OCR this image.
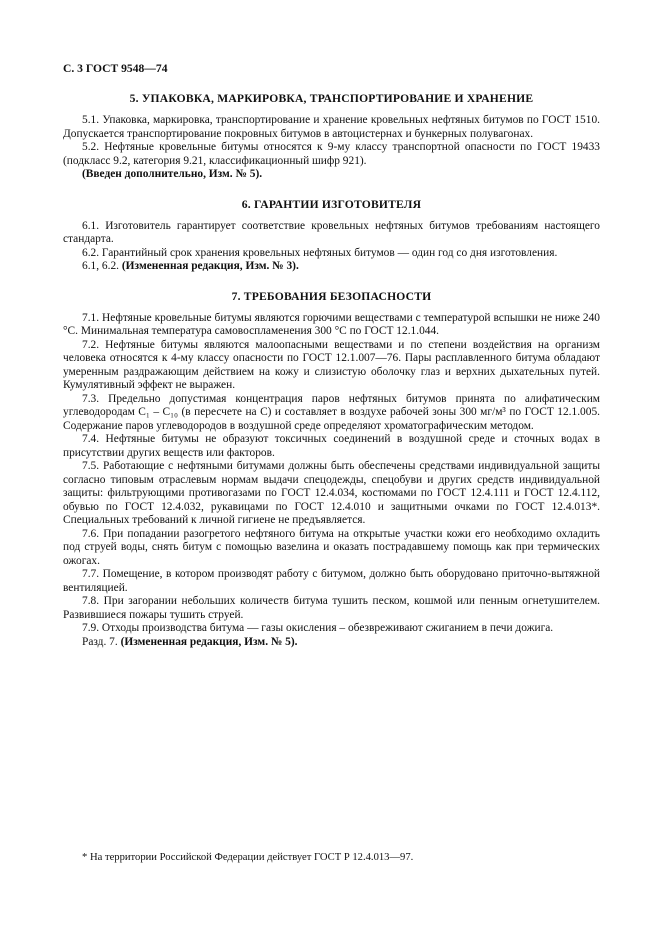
С. 3 ГОСТ 9548—74
5. УПАКОВКА, МАРКИРОВКА, ТРАНСПОРТИРОВАНИЕ И ХРАНЕНИЕ

5.1. Упаковка, маркировка, транспортирование и хранение кровельных нефтяных битумов по ГОСТ 1510. Допускается транспортирование покровных битумов в автоцистернах и бункерных полувагонах.

5.2. Нефтяные кровельные битумы относятся к 9-му классу транспортной опасности по ГОСТ 19433 (подкласс 9.2, категория 9.21, классификационный шифр 921).

(Введен дополнительно, Изм. № 5).

6. ГАРАНТИИ ИЗГОТОВИТЕЛЯ

6.1. Изготовитель гарантирует соответствие кровельных нефтяных битумов требованиям настоящего стандарта.

6.2. Гарантийный срок хранения кровельных нефтяных битумов — один год со дня изготовления.

6.1, 6.2. (Измененная редакция, Изм. № 3).

7. ТРЕБОВАНИЯ БЕЗОПАСНОСТИ

7.1. Нефтяные кровельные битумы являются горючими веществами с температурой вспышки не ниже 240 °С. Минимальная температура самовоспламенения 300 °С по ГОСТ 12.1.044.

7.2. Нефтяные битумы являются малоопасными веществами и по степени воздействия на организм человека относятся к 4-му классу опасности по ГОСТ 12.1.007—76. Пары расплавленного битума обладают умеренным раздражающим действием на кожу и слизистую оболочку глаз и верхних дыхательных путей. Кумулятивный эффект не выражен.

7.3. Предельно допустимая концентрация паров нефтяных битумов принята по алифатическим углеводородам С₁ – С₁₀ (в пересчете на С) и составляет в воздухе рабочей зоны 300 мг/м³ по ГОСТ 12.1.005. Содержание паров углеводородов в воздушной среде определяют хроматографическим методом.

7.4. Нефтяные битумы не образуют токсичных соединений в воздушной среде и сточных водах в присутствии других веществ или факторов.

7.5. Работающие с нефтяными битумами должны быть обеспечены средствами индивидуальной защиты согласно типовым отраслевым нормам выдачи спецодежды, спецобуви и других средств индивидуальной защиты: фильтрующими противогазами по ГОСТ 12.4.034, костюмами по ГОСТ 12.4.111 и ГОСТ 12.4.112, обувью по ГОСТ 12.4.032, рукавицами по ГОСТ 12.4.010 и защитными очками по ГОСТ 12.4.013*. Специальных требований к личной гигиене не предъявляется.

7.6. При попадании разогретого нефтяного битума на открытые участки кожи его необходимо охладить под струей воды, снять битум с помощью вазелина и оказать пострадавшему помощь как при термических ожогах.

7.7. Помещение, в котором производят работу с битумом, должно быть оборудовано приточно-вытяжной вентиляцией.

7.8. При загорании небольших количеств битума тушить песком, кошмой или пенным огнетушителем. Развившиеся пожары тушить струей.

7.9. Отходы производства битума — газы окисления – обезвреживают сжиганием в печи дожига.

Разд. 7. (Измененная редакция, Изм. № 5).

* На территории Российской Федерации действует ГОСТ Р 12.4.013—97.
